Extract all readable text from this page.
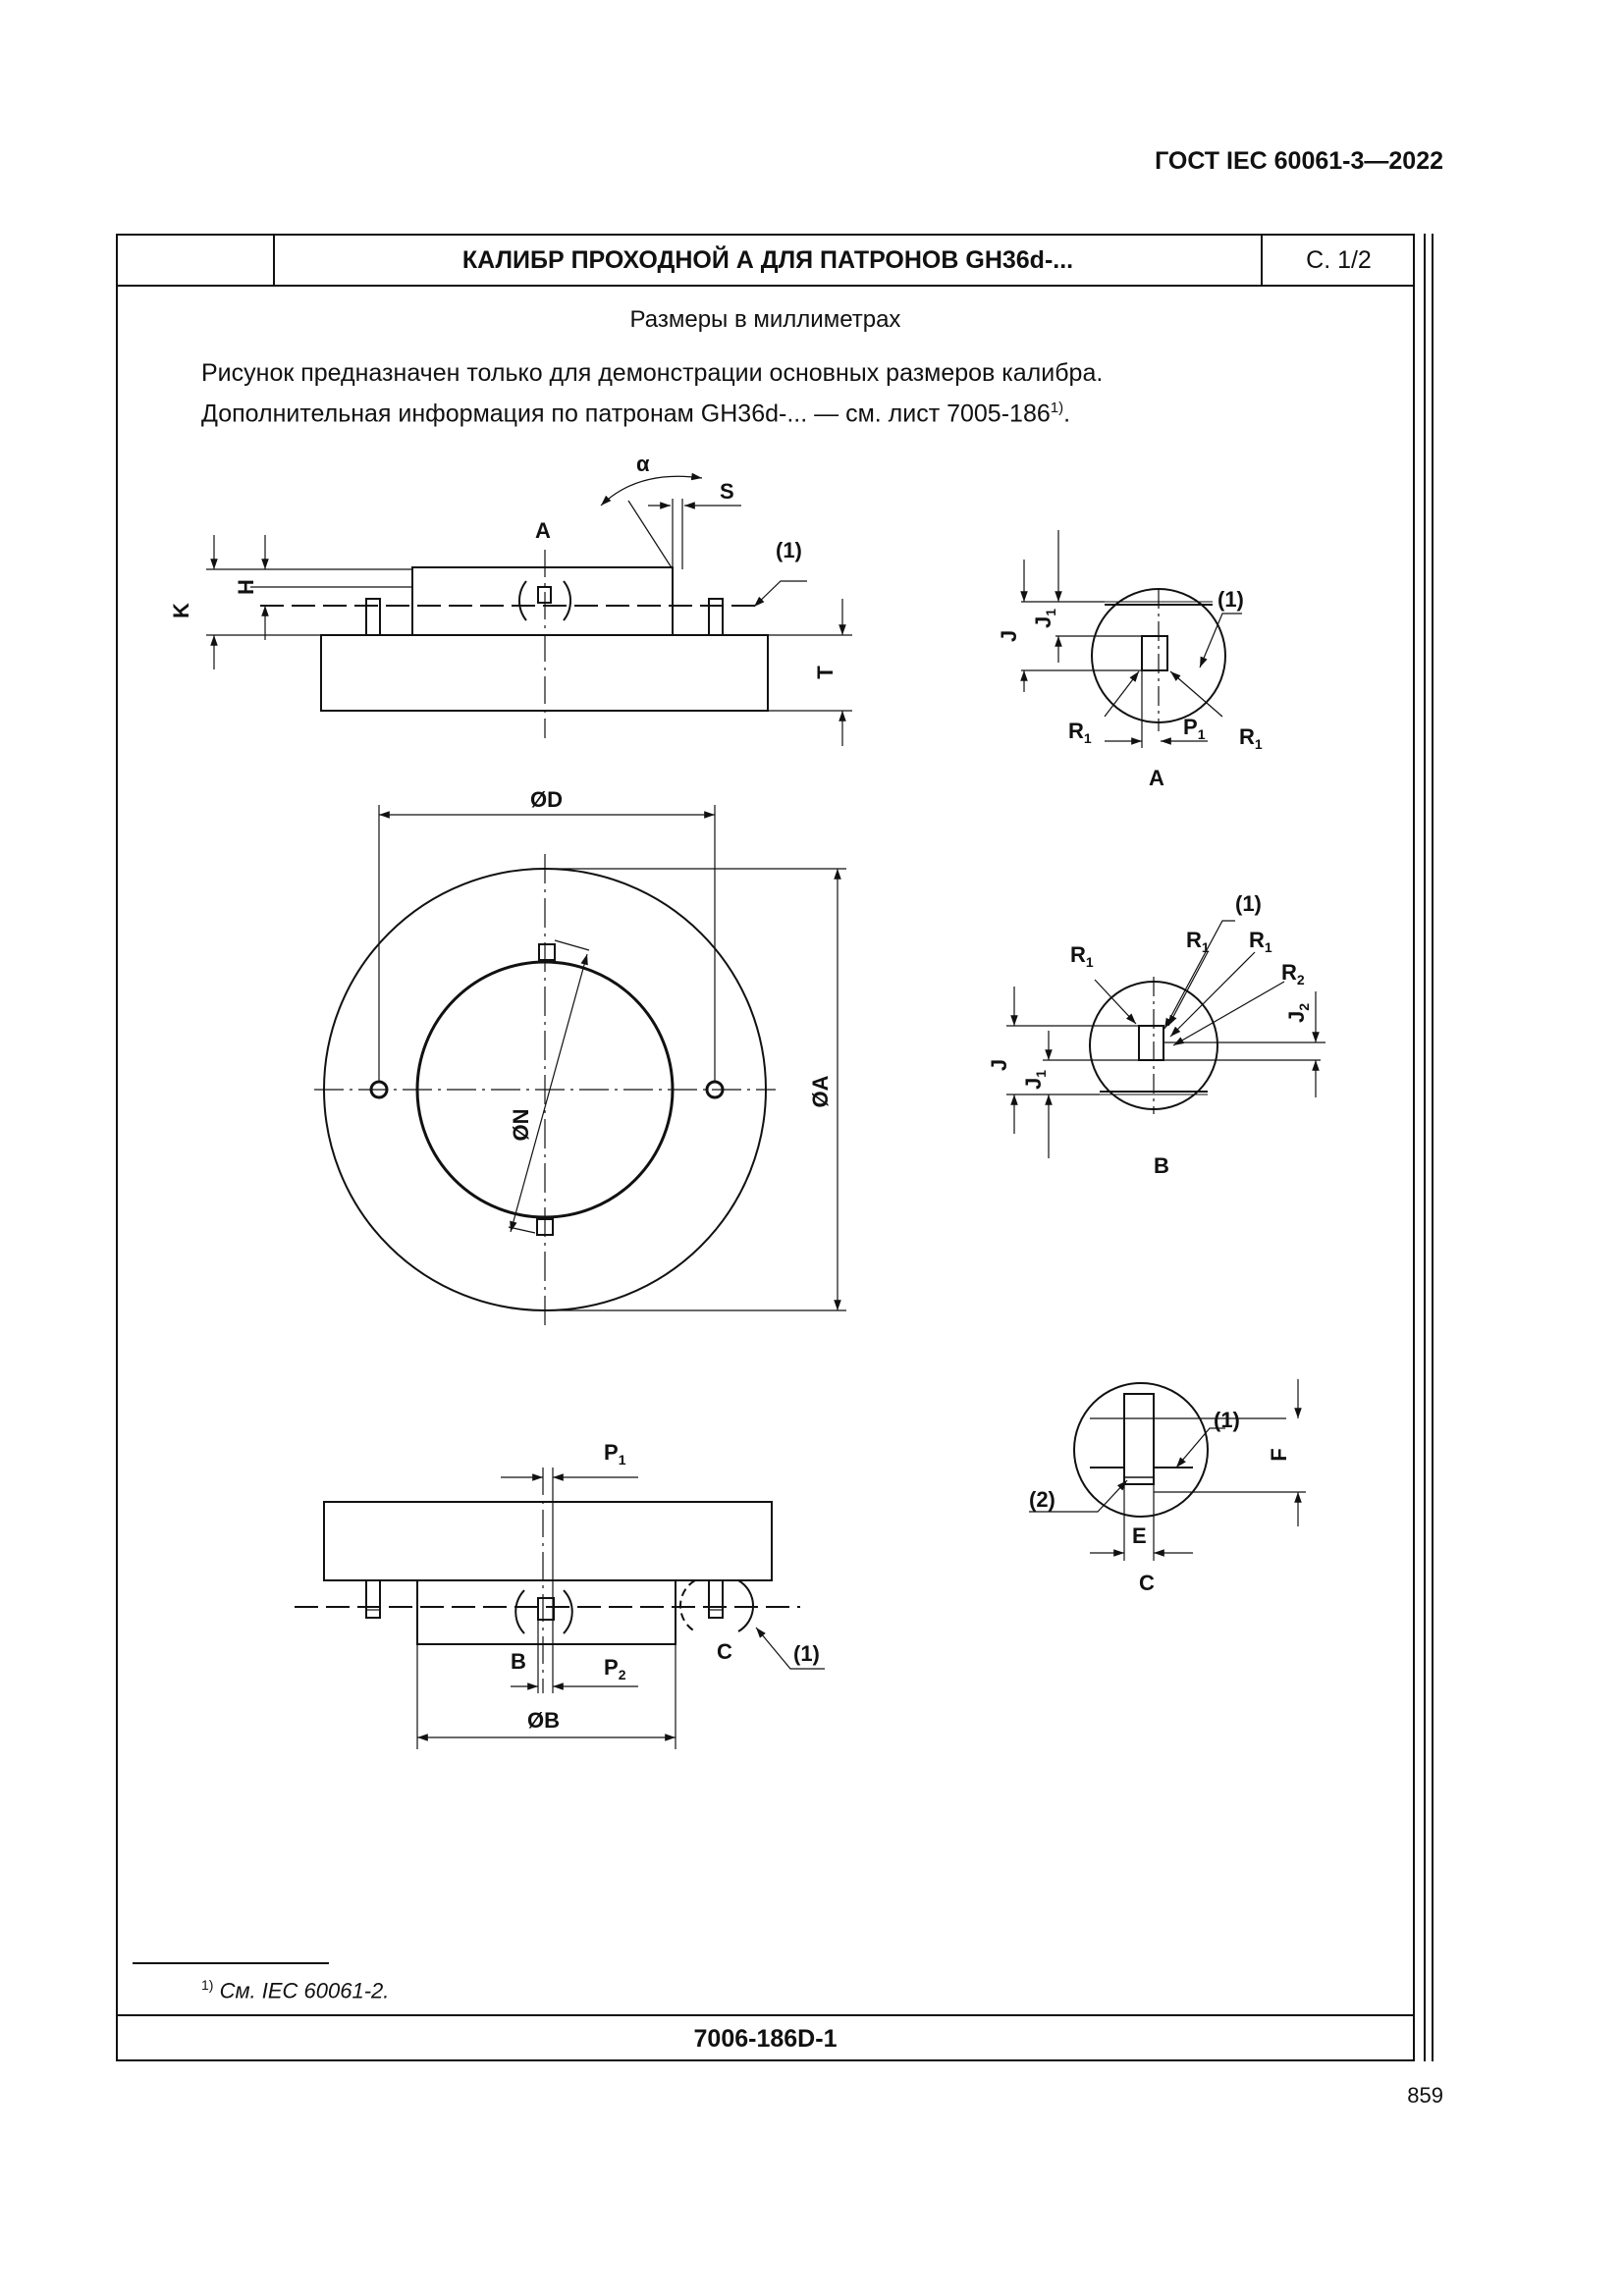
ГОСТ IEC 60061-3—2022
КАЛИБР ПРОХОДНОЙ А ДЛЯ ПАТРОНОВ GH36d-...	С. 1/2
Размеры в миллиметрах
Рисунок предназначен только для демонстрации основных размеров калибра.
Дополнительная информация по патронам GH36d-... — см. лист 7005-186$^{1)}$.
$^{1)}$ См. IEC 60061-2.
7006-186D-1
K
H
T
α
S
A
(1)
J
$J_1$
$R_1$	$P_1$ $R_1$
(1)
A
ØD
ØN
ØA
(1)
$R_1$
$R_1$ $R_1$
$R_2$
$J_2$
J
$J_1$
B
(1)
(2)
F
E
C
$P_1$
$P_2$
B	C
ØB
(1)
859
